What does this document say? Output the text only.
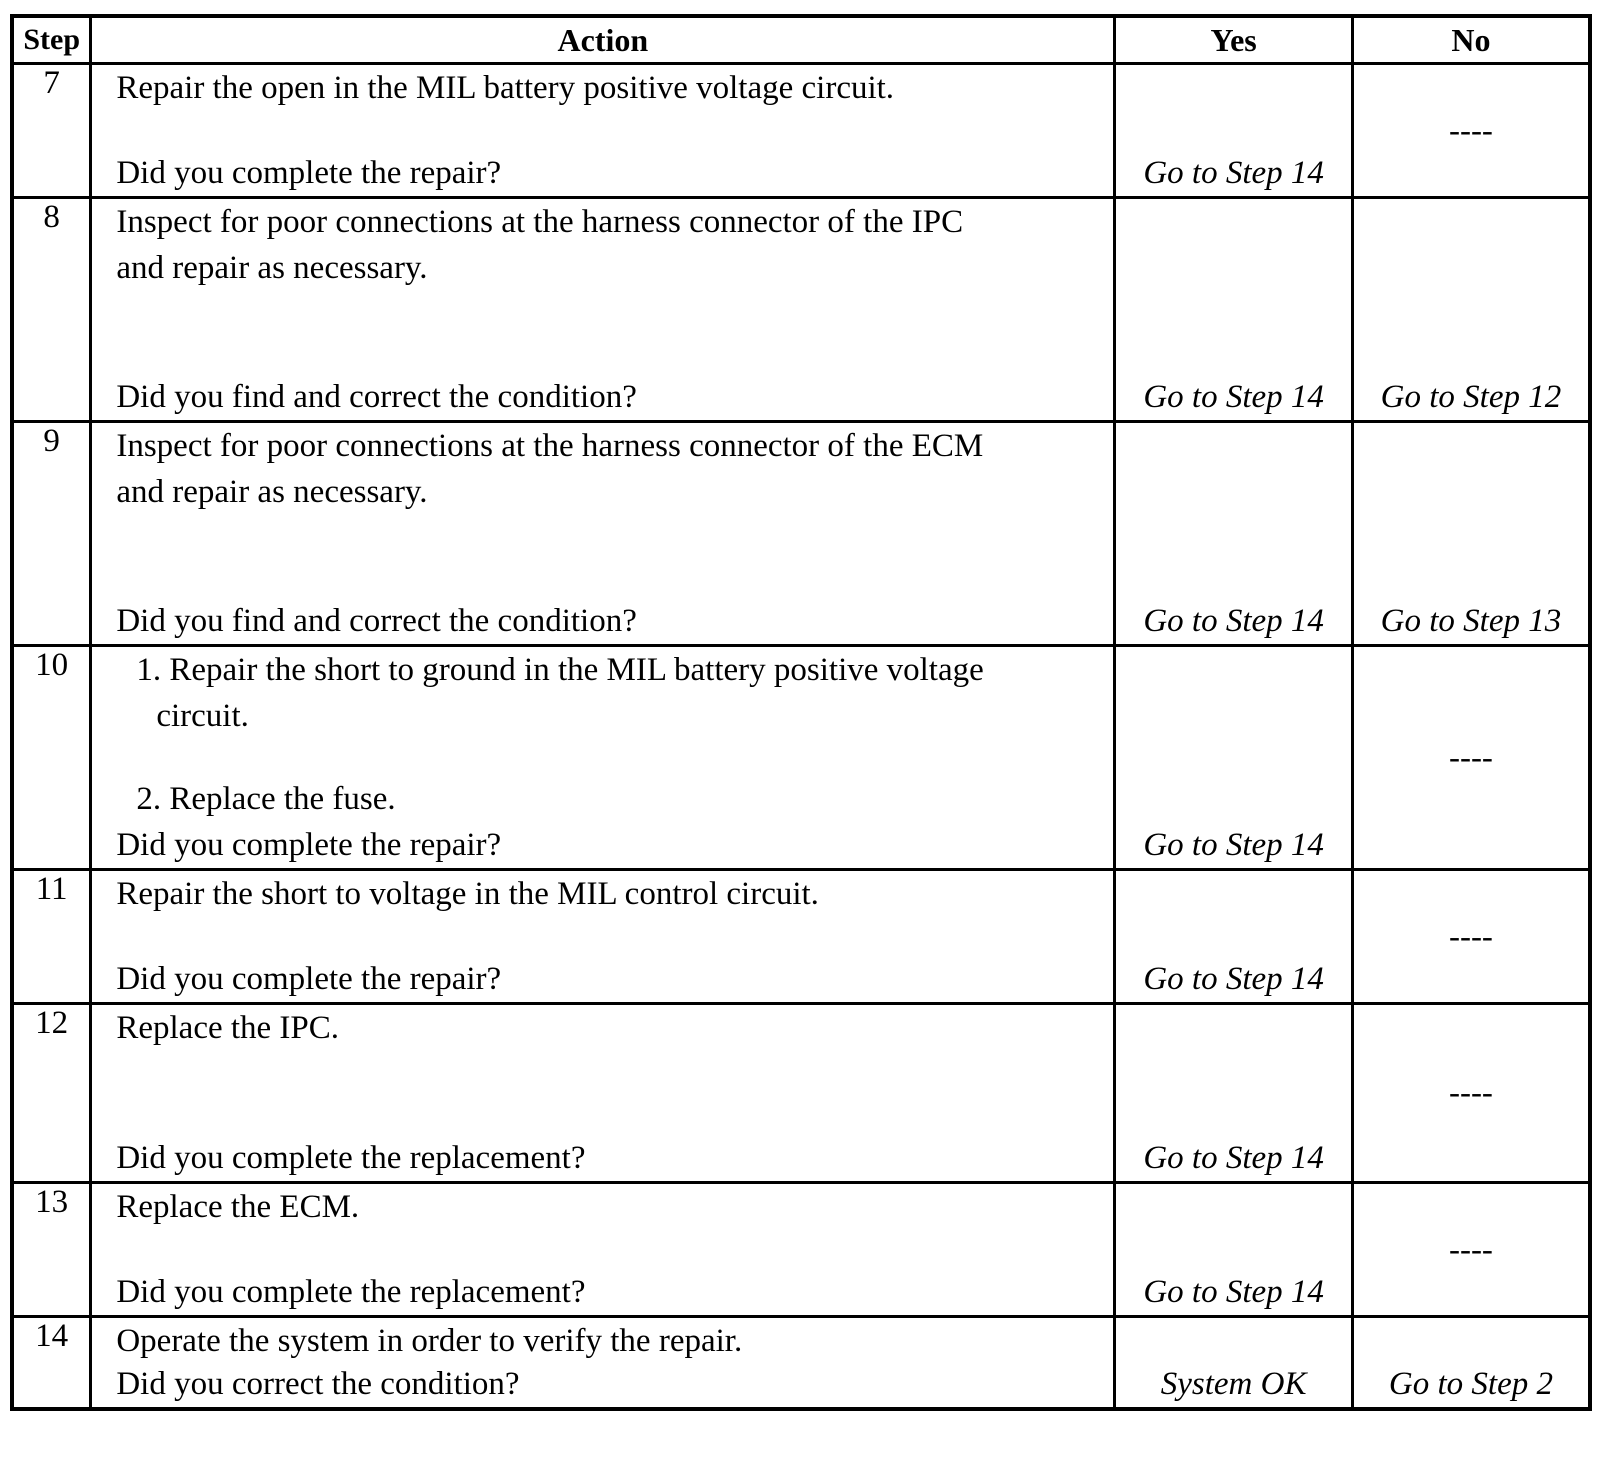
Step	Action	Yes	No
7	Repair the open in the MIL battery positive voltage circuit.
Did you complete the repair?	Go to Step 14	----

8	Inspect for poor connections at the harness connector of the IPC
and repair as necessary.
Did you find and correct the condition?	Go to Step 14	Go to Step 12

9	Inspect for poor connections at the harness connector of the ECM
and repair as necessary.
Did you find and correct the condition?	Go to Step 14	Go to Step 13

10	1. Repair the short to ground in the MIL battery positive voltage
circuit.
2. Replace the fuse.
Did you complete the repair?	Go to Step 14	----

11	Repair the short to voltage in the MIL control circuit.
Did you complete the repair?	Go to Step 14	----

12	Replace the IPC.
Did you complete the replacement?	Go to Step 14	----

13	Replace the ECM.
Did you complete the replacement?	Go to Step 14	----

14	Operate the system in order to verify the repair.
Did you correct the condition?	System OK	Go to Step 2
